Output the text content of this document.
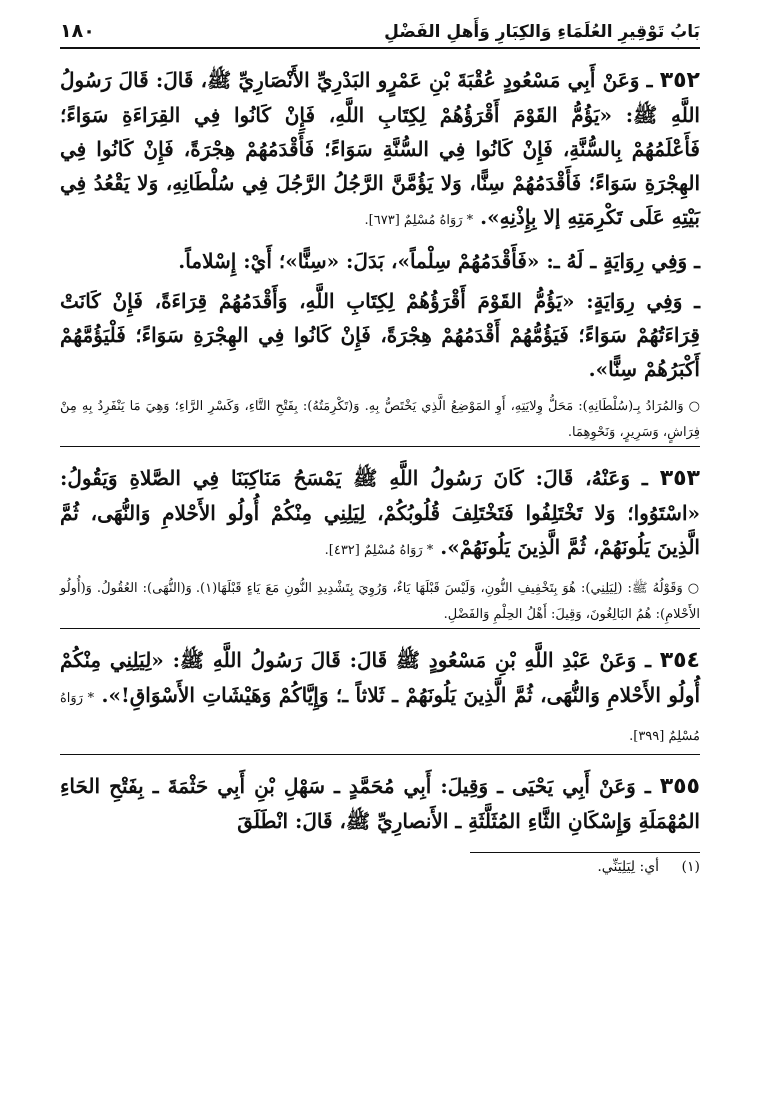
بَابُ تَوْقِيرِ العُلَمَاءِ وَالكِبَارِ وَأَهلِ الفَضْلِ
١٨٠

٣٥٢ ـ وَعَنْ أَبِي مَسْعُودٍ عُقْبَةَ بْنِ عَمْرٍو البَدْرِيِّ الأَنْصَارِيِّ ﷺ، قَالَ: قَالَ رَسُولُ اللَّهِ ﷺ: «يَؤُمُّ القَوْمَ أَقْرَؤُهُمْ لِكِتَابِ اللَّهِ، فَإِنْ كَانُوا فِي القِرَاءَةِ سَوَاءً؛ فَأَعْلَمُهُمْ بِالسُّنَّةِ، فَإِنْ كَانُوا فِي السُّنَّةِ سَوَاءً؛ فَأَقْدَمُهُمْ هِجْرَةً، فَإِنْ كَانُوا فِي الهِجْرَةِ سَوَاءً؛ فَأَقْدَمُهُمْ سِنًّا، وَلا يَؤُمَّنَّ الرَّجُلُ الرَّجُلَ فِي سُلْطَانِهِ، وَلا يَقْعُدُ فِي بَيْتِهِ عَلَى تَكْرِمَتِهِ إلا بِإِذْنِهِ». * رَوَاهُ مُسْلِمٌ [٦٧٣].

ـ وَفِي رِوَايَةٍ ـ لَهُ ـ: «فَأَقْدَمُهُمْ سِلْماً»، بَدَلَ: «سِنًّا»؛ أَيْ: إِسْلاماً.

ـ وَفِي رِوَايَةٍ: «يَؤُمُّ القَوْمَ أَقْرَؤُهُمْ لِكِتَابِ اللَّهِ، وَأَقْدَمُهُمْ قِرَاءَةً، فَإِنْ كَانَتْ قِرَاءَتُهُمْ سَوَاءً؛ فَيَؤُمُّهُمْ أَقْدَمُهُمْ هِجْرَةً، فَإِنْ كَانُوا فِي الهِجْرَةِ سَوَاءً؛ فَلْيَؤُمَّهُمْ أَكْبَرُهُمْ سِنًّا».

○ وَالمُرَادُ بِـ(سُلْطَانِهِ): مَحَلُّ وِلايَتِهِ، أَوِ المَوْضِعُ الَّذِي يَخْتَصُّ بِهِ. وَ(تَكْرِمَتُهُ): بِفَتْحِ التَّاءِ، وَكَسْرِ الرَّاءِ؛ وَهِيَ مَا يَنْفَرِدُ بِهِ مِنْ فِرَاشٍ، وَسَرِيرٍ، وَنَحْوِهِمَا.

٣٥٣ ـ وَعَنْهُ، قَالَ: كَانَ رَسُولُ اللَّهِ ﷺ يَمْسَحُ مَنَاكِبَنَا فِي الصَّلاةِ وَيَقُولُ: «اسْتَوُوا؛ وَلا تَخْتَلِفُوا فَتَخْتَلِفَ قُلُوبُكُمْ، لِيَلِنِي مِنْكُمْ أُولُو الأَحْلامِ وَالنُّهَى، ثُمَّ الَّذِينَ يَلُونَهُمْ، ثُمَّ الَّذِينَ يَلُونَهُمْ». * رَوَاهُ مُسْلِمٌ [٤٣٢].

○ وَقَوْلُهُ ﷺ: (لِيَلِنِي): هُوَ بِتَخْفِيفِ النُّونِ، وَلَيْسَ قَبْلَهَا يَاءٌ، وَرُوِيَ بِتَشْدِيدِ النُّونِ مَعَ يَاءٍ قَبْلَهَا(١). وَ(النُّهَى): العُقُولُ. وَ(أُولُو الأَحْلامِ): هُمُ البَالِغُونَ، وَقِيلَ: أَهْلُ الحِلْمِ وَالفَضْلِ.

٣٥٤ ـ وَعَنْ عَبْدِ اللَّهِ بْنِ مَسْعُودٍ ﷺ قَالَ: قَالَ رَسُولُ اللَّهِ ﷺ: «لِيَلِنِي مِنْكُمْ أُولُو الأَحْلامِ وَالنُّهَى، ثُمَّ الَّذِينَ يَلُونَهُمْ ـ ثَلاثاً ـ؛ وَإِيَّاكُمْ وَهَيْشَاتِ الأَسْوَاقِ!». * رَوَاهُ مُسْلِمٌ [٣٩٩].

٣٥٥ ـ وَعَنْ أَبِي يَحْيَى ـ وَقِيلَ: أَبِي مُحَمَّدٍ ـ سَهْلِ بْنِ أَبِي حَثْمَةَ ـ بِفَتْحِ الحَاءِ المُهْمَلَةِ وَإِسْكَانِ الثَّاءِ المُثَلَّثَةِ ـ الأَنصارِيِّ ﷺ، قَالَ: انْطَلَقَ

(١) أي: لِيَلِيَنِّي.
